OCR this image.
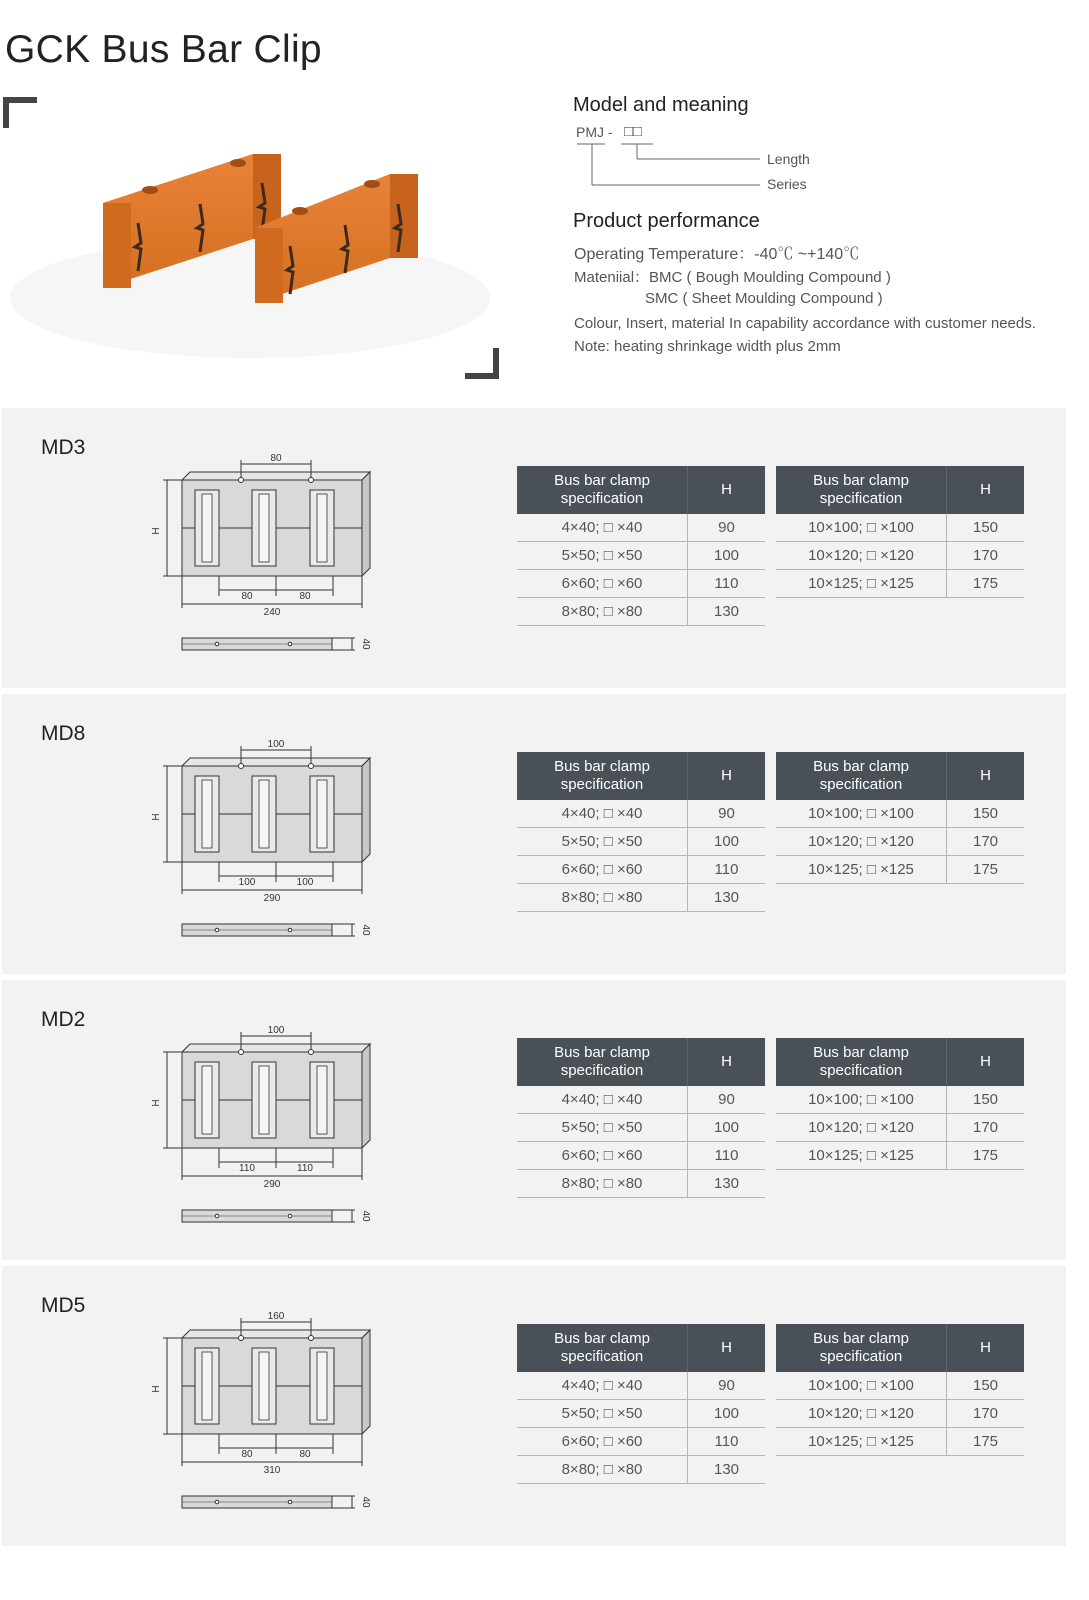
GCK Bus Bar Clip
Model and meaning
PMJ - □□
Length
Series
Product performance
Operating Temperature：-40℃ ~+140℃
Mateniial：BMC ( Bough Moulding Compound )
SMC ( Sheet Moulding Compound )
Colour, Insert, material In capability accordance with customer needs.
Note: heating shrinkage width plus 2mm
MD3	80
H
80	80
240
40
Bus bar clamp
specification	H
4×40; □ ×40	90
5×50; □ ×50	100
6×60; □ ×60	110
8×80; □ ×80	130
Bus bar clamp
specification	H
10×100; □ ×100	150
10×120; □ ×120	170
10×125; □ ×125	175
MD8	100
H
100	100
290
40
Bus bar clamp
specification	H
4×40; □ ×40	90
5×50; □ ×50	100
6×60; □ ×60	110
8×80; □ ×80	130
Bus bar clamp
specification	H
10×100; □ ×100	150
10×120; □ ×120	170
10×125; □ ×125	175
MD2	100
H
110	110
290
40
Bus bar clamp
specification	H
4×40; □ ×40	90
5×50; □ ×50	100
6×60; □ ×60	110
8×80; □ ×80	130
Bus bar clamp
specification	H
10×100; □ ×100	150
10×120; □ ×120	170
10×125; □ ×125	175
MD5	160
H
80	80
310
40
Bus bar clamp
specification	H
4×40; □ ×40	90
5×50; □ ×50	100
6×60; □ ×60	110
8×80; □ ×80	130
Bus bar clamp
specification	H
10×100; □ ×100	150
10×120; □ ×120	170
10×125; □ ×125	175
